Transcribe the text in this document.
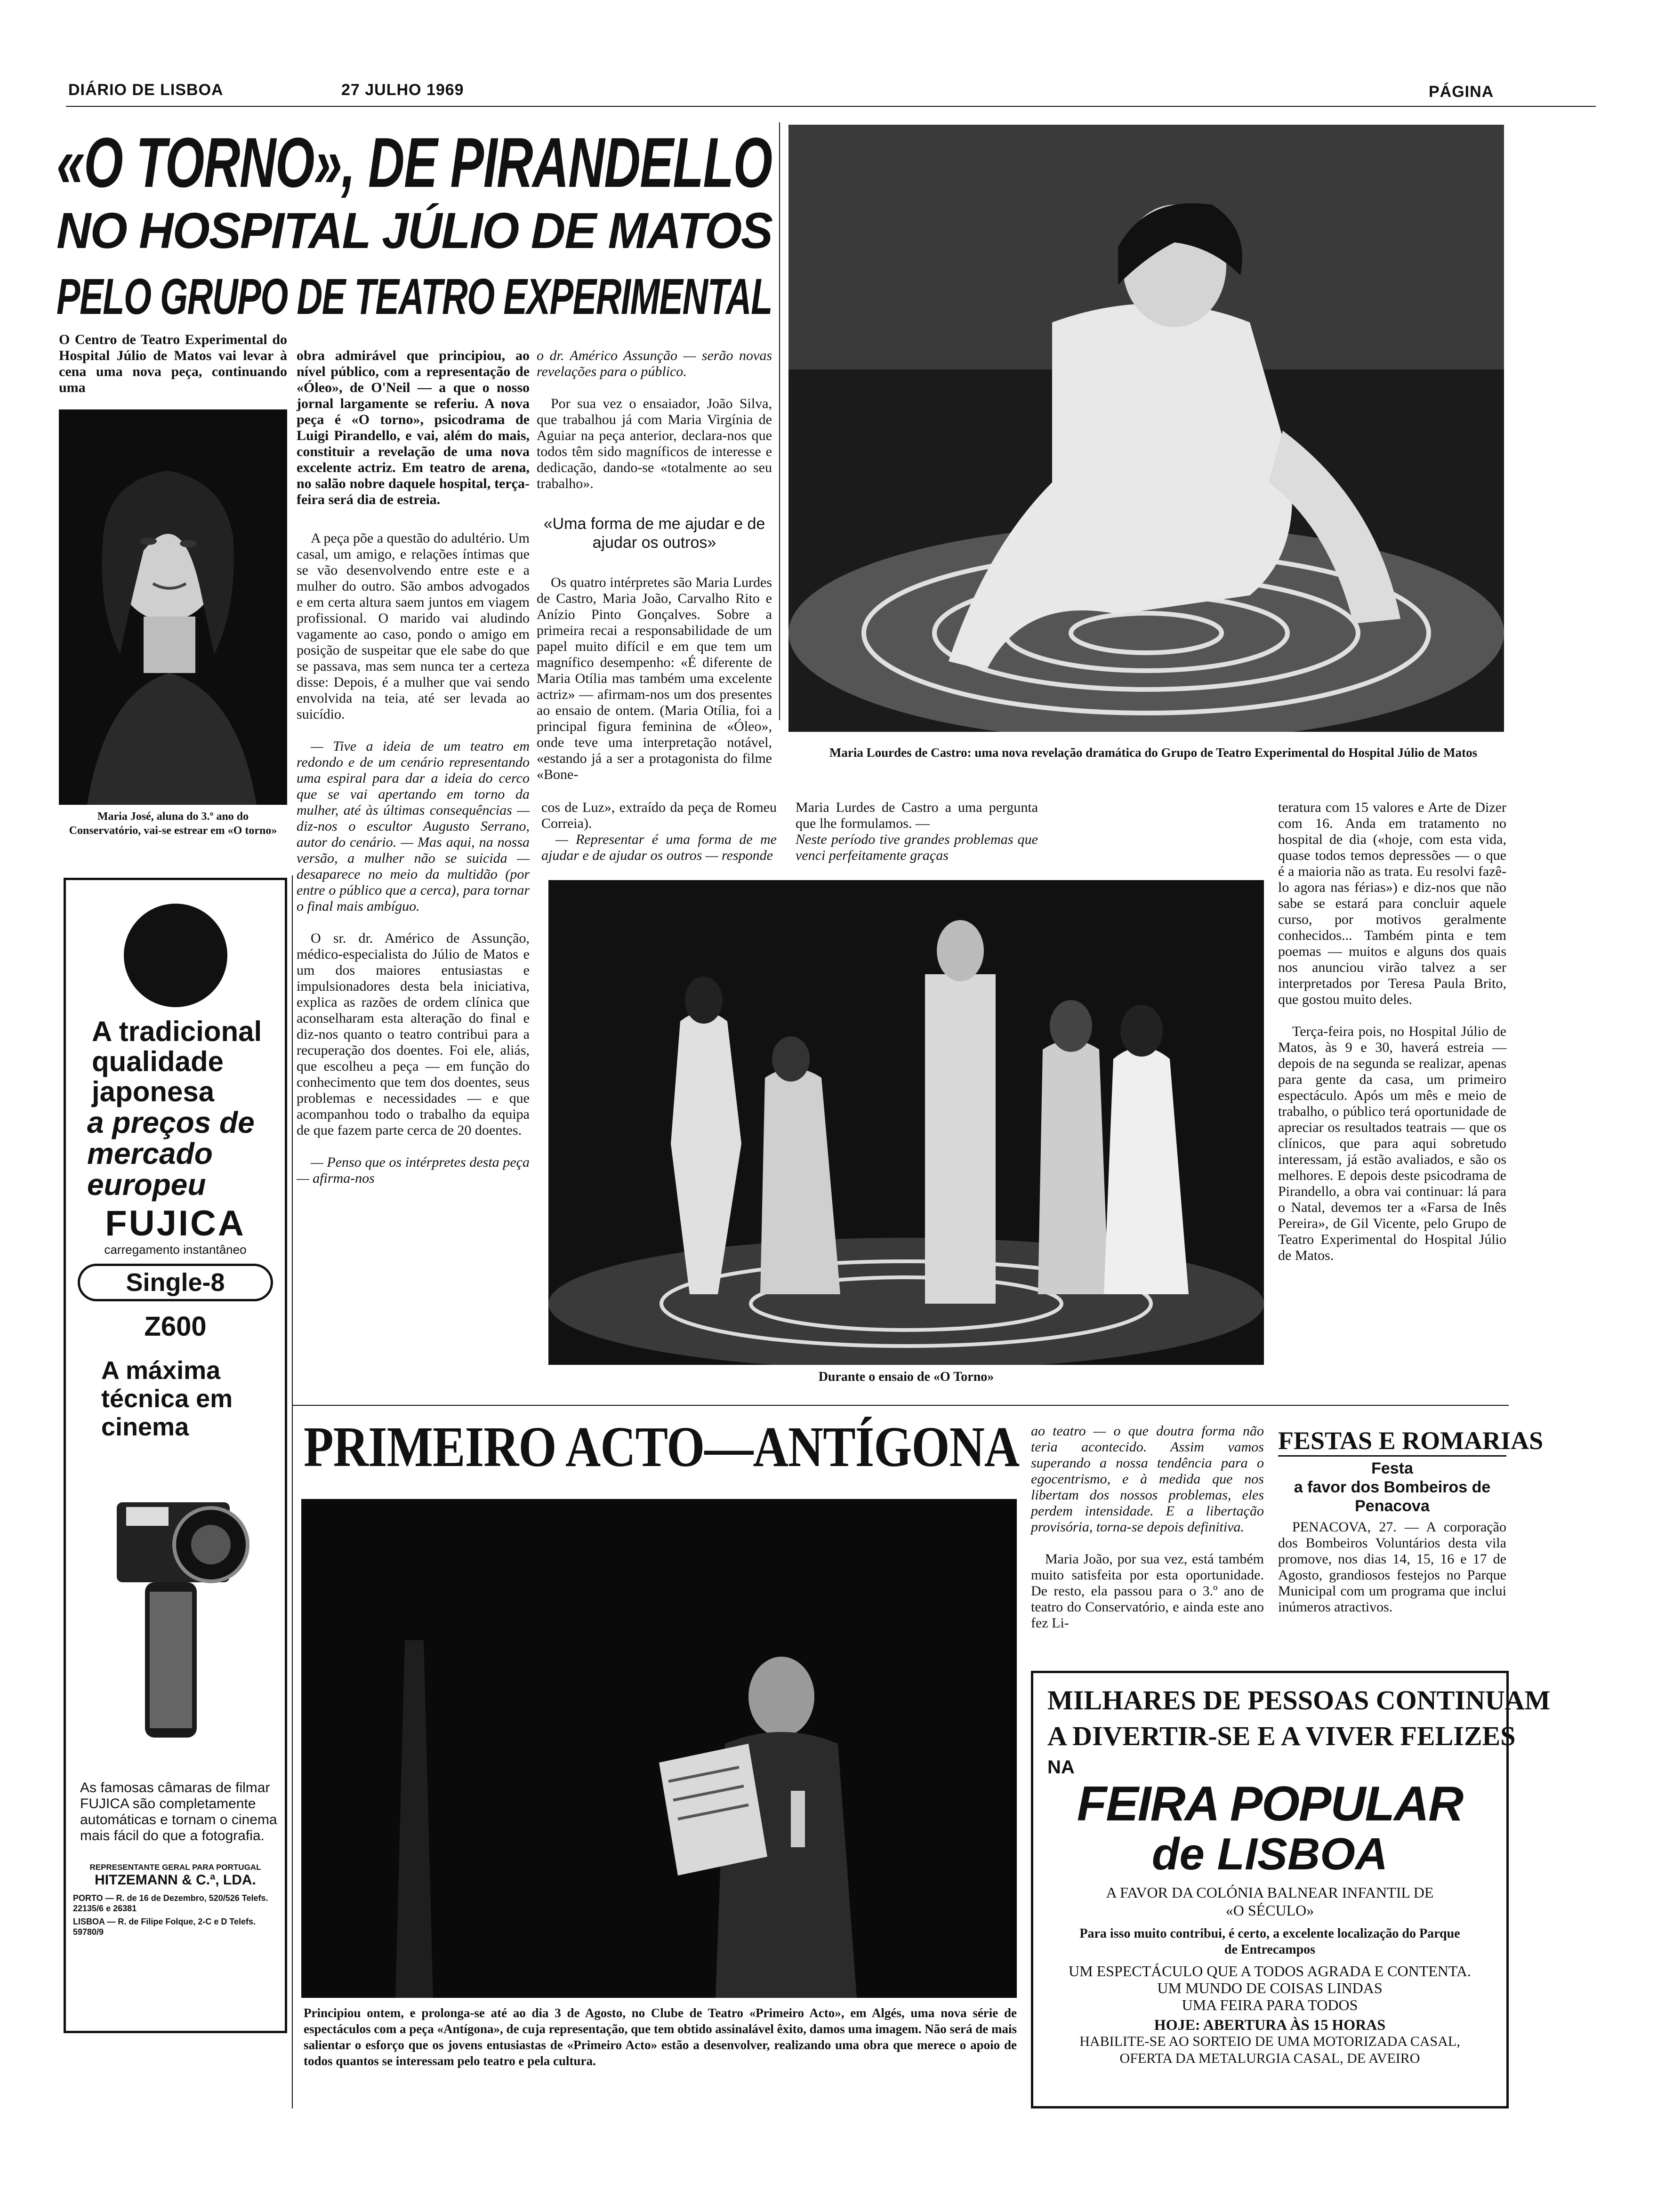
DIÁRIO DE LISBOA	27 JULHO 1969	PÁGINA
«O TORNO», DE PIRANDELLO
NO HOSPITAL JÚLIO DE MATOS
PELO GRUPO DE TEATRO EXPERIMENTAL
O Centro de Teatro Experimental do Hospital Júlio de Matos vai levar à cena uma nova peça, continuando uma
Maria José, aluna do 3.º ano do Conservatório, vai-se estrear em «O torno»

obra admirável que principiou, ao nível público, com a representação de «Óleo», de O'Neil — a que o nosso jornal largamente se referiu. A nova peça é «O torno», psicodrama de Luigi Pirandello, e vai, além do mais, constituir a revelação de uma nova excelente actriz. Em teatro de arena, no salão nobre daquele hospital, terça-feira será dia de estreia.

A peça põe a questão do adultério. Um casal, um amigo, e relações íntimas que se vão desenvolvendo entre este e a mulher do outro. São ambos advogados e em certa altura saem juntos em viagem profissional. O marido vai aludindo vagamente ao caso, pondo o amigo em posição de suspeitar que ele sabe do que se passava, mas sem nunca ter a certeza disse: Depois, é a mulher que vai sendo envolvida na teia, até ser levada ao suicídio.

— Tive a ideia de um teatro em redondo e de um cenário representando uma espiral para dar a ideia do cerco que se vai apertando em torno da mulher, até às últimas consequências — diz-nos o escultor Augusto Serrano, autor do cenário. — Mas aqui, na nossa versão, a mulher não se suicida — desaparece no meio da multidão (por entre o público que a cerca), para tornar o final mais ambíguo.

O sr. dr. Américo de Assunção, médico-especialista do Júlio de Matos e um dos maiores entusiastas e impulsionadores desta bela iniciativa, explica as razões de ordem clínica que aconselharam esta alteração do final e diz-nos quanto o teatro contribui para a recuperação dos doentes. Foi ele, aliás, que escolheu a peça — em função do conhecimento que tem dos doentes, seus problemas e necessidades — e que acompanhou todo o trabalho da equipa de que fazem parte cerca de 20 doentes.

— Penso que os intérpretes desta peça — afirma-nos

o dr. Américo Assunção — serão novas revelações para o público.

Por sua vez o ensaiador, João Silva, que trabalhou já com Maria Virgínia de Aguiar na peça anterior, declara-nos que todos têm sido magníficos de interesse e dedicação, dando-se «totalmente ao seu trabalho».

«Uma forma de me ajudar e de ajudar os outros»

Os quatro intérpretes são Maria Lurdes de Castro, Maria João, Carvalho Rito e Anízio Pinto Gonçalves. Sobre a primeira recai a responsabilidade de um papel muito difícil e em que tem um magnífico desempenho: «É diferente de Maria Otília mas também uma excelente actriz» — afirmam-nos um dos presentes ao ensaio de ontem. (Maria Otília, foi a principal figura feminina de «Óleo», onde teve uma interpretação notável, «estando já a ser a protagonista do filme «Bone-

Maria Lourdes de Castro: uma nova revelação dramática do Grupo de Teatro Experimental do Hospital Júlio de Matos

cos de Luz», extraído da peça de Romeu Correia).

— Representar é uma forma de me ajudar e de ajudar os outros — responde

Maria Lurdes de Castro a uma pergunta que lhe formulamos. —
Neste período tive grandes problemas que venci perfeitamente graças

Durante o ensaio de «O Torno»

teratura com 15 valores e Arte de Dizer com 16. Anda em tratamento no hospital de dia («hoje, com esta vida, quase todos temos depressões — o que é a maioria não as trata. Eu resolvi fazê-lo agora nas férias») e diz-nos que não sabe se estará para concluir aquele curso, por motivos geralmente conhecidos... Também pinta e tem poemas — muitos e alguns dos quais nos anunciou virão talvez a ser interpretados por Teresa Paula Brito, que gostou muito deles.

Terça-feira pois, no Hospital Júlio de Matos, às 9 e 30, haverá estreia — depois de na segunda se realizar, apenas para gente da casa, um primeiro espectáculo. Após um mês e meio de trabalho, o público terá oportunidade de apreciar os resultados teatrais — que os clínicos, que para aqui sobretudo interessam, já estão avaliados, e são os melhores. E depois deste psicodrama de Pirandello, a obra vai continuar: lá para o Natal, devemos ter a «Farsa de Inês Pereira», de Gil Vicente, pelo Grupo de Teatro Experimental do Hospital Júlio de Matos.

PRIMEIRO ACTO—ANTÍGONA ao teatro — o que doutra forma não teria acontecido. Assim vamos superando a nossa tendência para o egocentrismo, e à medida que nos libertam dos nossos problemas, eles perdem intensidade. E a libertação provisória, torna-se depois definitiva.

Maria João, por sua vez, está também muito satisfeita por esta oportunidade. De resto, ela passou para o 3.º ano de teatro do Conservatório, e ainda este ano fez Li-

Principiou ontem, e prolonga-se até ao dia 3 de Agosto, no Clube de Teatro «Primeiro Acto», em Algés, uma nova série de espectáculos com a peça «Antígona», de cuja representação, que tem obtido assinalável êxito, damos uma imagem. Não será de mais salientar o esforço que os jovens entusiastas de «Primeiro Acto» estão a desenvolver, realizando uma obra que merece o apoio de todos quantos se interessam pelo teatro e pela cultura.
FESTAS E ROMARIAS
Festa
a favor dos Bombeiros de Penacova
PENACOVA, 27. — A corporação dos Bombeiros Voluntários desta vila promove, nos dias 14, 15, 16 e 17 de Agosto, grandiosos festejos no Parque Municipal com um programa que inclui inúmeros atractivos.
MILHARES DE PESSOAS CONTINUAM
A DIVERTIR-SE E A VIVER FELIZES
NA
FEIRA POPULAR
de LISBOA
A FAVOR DA COLÓNIA BALNEAR INFANTIL DE «O SÉCULO»
Para isso muito contribui, é certo, a excelente localização do Parque de Entrecampos
UM ESPECTÁCULO QUE A TODOS AGRADA E CONTENTA. UM MUNDO DE COISAS LINDAS
UMA FEIRA PARA TODOS
HOJE: ABERTURA ÀS 15 HORAS
HABILITE-SE AO SORTEIO DE UMA MOTORIZADA CASAL, OFERTA DA METALURGIA CASAL, DE AVEIRO
A tradicional qualidade japonesa
a preços de mercado europeu
FUJICA
carregamento instantâneo
Single-8
Z600
A máxima técnica em cinema
As famosas câmaras de filmar FUJICA são completamente automáticas e tornam o cinema mais fácil do que a fotografia.
REPRESENTANTE GERAL PARA PORTUGAL
HITZEMANN & C.ª, LDA.
PORTO — R. de 16 de Dezembro, 520/526 Telefs. 22135/6 e 26381
LISBOA — R. de Filipe Folque, 2-C e D Telefs. 59780/9
